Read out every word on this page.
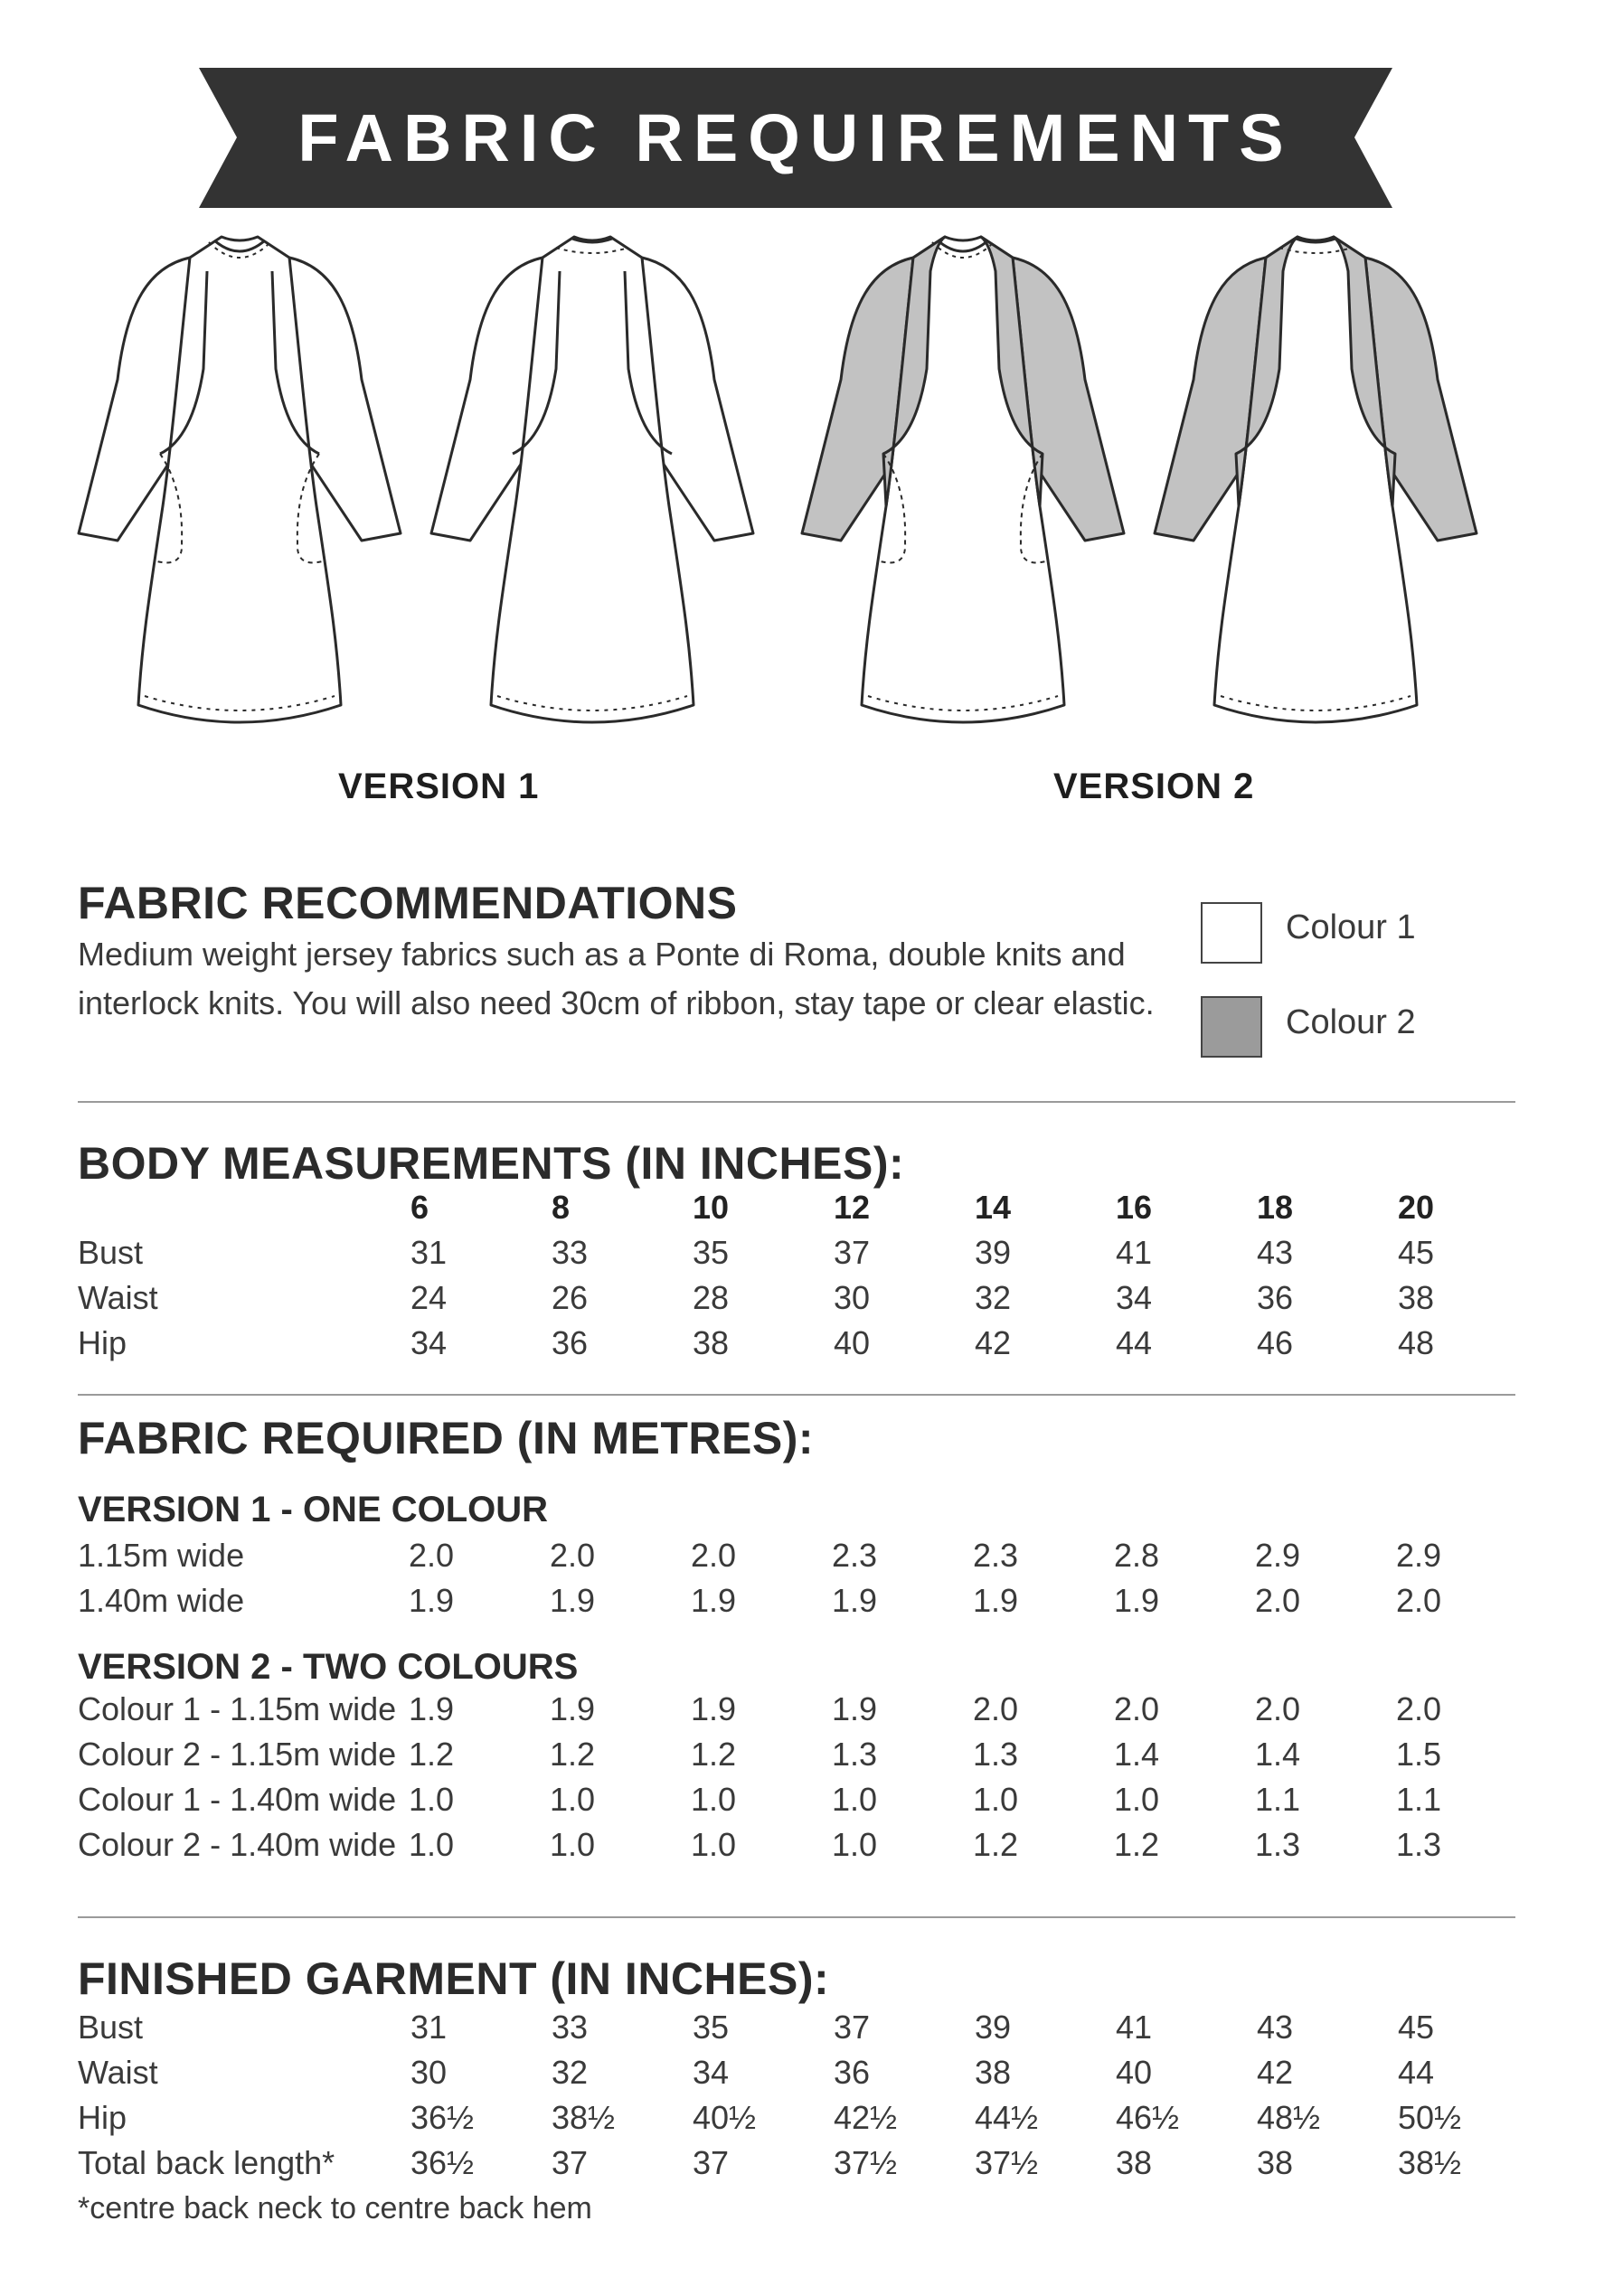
FABRIC REQUIREMENTS
VERSION 1	VERSION 2
FABRIC RECOMMENDATIONS
Medium weight jersey fabrics such as a Ponte di Roma, double knits and
interlock knits. You will also need 30cm of ribbon, stay tape or clear elastic.
Colour 1
Colour 2
BODY MEASUREMENTS (IN INCHES):
6	8	10	12	14	16	18	20
Bust	31	33	35	37	39	41	43	45
Waist	24	26	28	30	32	34	36	38
Hip	34	36	38	40	42	44	46	48
FABRIC REQUIRED (IN METRES):
VERSION 1 - ONE COLOUR
1.15m wide	2.0	2.0	2.0	2.3	2.3	2.8	2.9	2.9
1.40m wide	1.9	1.9	1.9	1.9	1.9	1.9	2.0	2.0
VERSION 2 - TWO COLOURS
Colour 1 - 1.15m wide 1.9	1.9	1.9	1.9	2.0	2.0	2.0	2.0
Colour 2 - 1.15m wide 1.2	1.2	1.2	1.3	1.3	1.4	1.4	1.5
Colour 1 - 1.40m wide 1.0	1.0	1.0	1.0	1.0	1.0	1.1	1.1
Colour 2 - 1.40m wide 1.0	1.0	1.0	1.0	1.2	1.2	1.3	1.3
FINISHED GARMENT (IN INCHES):
Bust	31	33	35	37	39	41	43	45
Waist	30	32	34	36	38	40	42	44
Hip	36½ 38½ 40½ 42½ 44½ 46½ 48½ 50½
Total back length* 36½ 37	37	37½ 37½ 38	38	38½
*centre back neck to centre back hem
